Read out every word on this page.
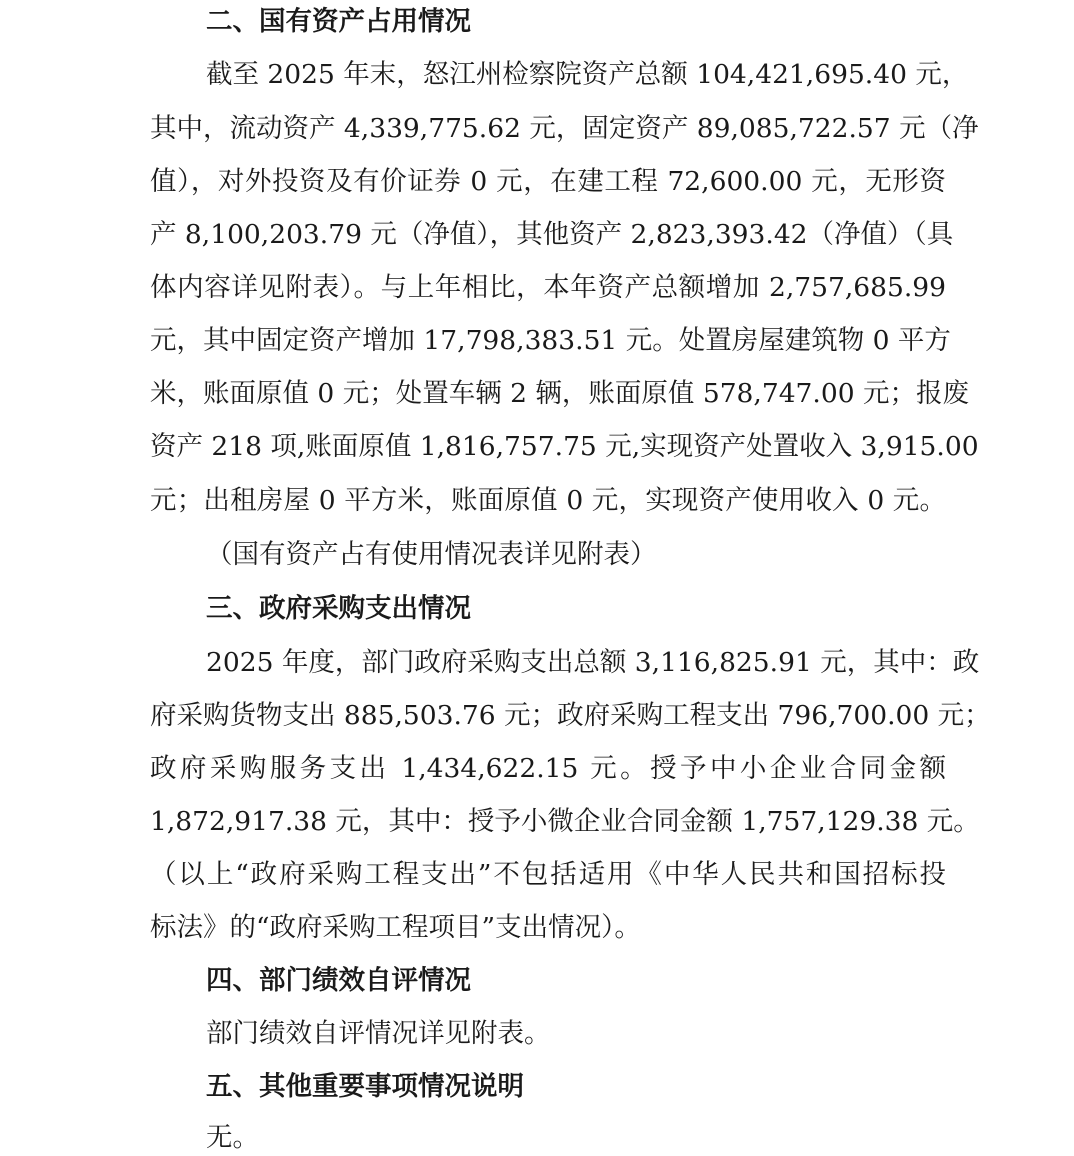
二、国有资产占用情况
截至 2025 年末，怒江州检察院资产总额 104,421,695.40 元，
其中，流动资产 4,339,775.62 元，固定资产 89,085,722.57 元（净
值），对外投资及有价证券 0 元，在建工程 72,600.00 元，无形资
产 8,100,203.79 元（净值），其他资产 2,823,393.42（净值）（具
体内容详见附表）。与上年相比，本年资产总额增加 2,757,685.99
元，其中固定资产增加 17,798,383.51 元。处置房屋建筑物 0 平方
米，账面原值 0 元；处置车辆 2 辆，账面原值 578,747.00 元；报废
资产 218 项,账面原值 1,816,757.75 元,实现资产处置收入 3,915.00
元；出租房屋 0 平方米，账面原值 0 元，实现资产使用收入 0 元。
（国有资产占有使用情况表详见附表）
三、政府采购支出情况
2025 年度，部门政府采购支出总额 3,116,825.91 元，其中：政
府采购货物支出 885,503.76 元；政府采购工程支出 796,700.00 元；
政府采购服务支出 1,434,622.15 元。授予中小企业合同金额
1,872,917.38 元，其中：授予小微企业合同金额 1,757,129.38 元。
（以上“政府采购工程支出”不包括适用《中华人民共和国招标投
标法》的“政府采购工程项目”支出情况）。
四、部门绩效自评情况
部门绩效自评情况详见附表。
五、其他重要事项情况说明
无。
